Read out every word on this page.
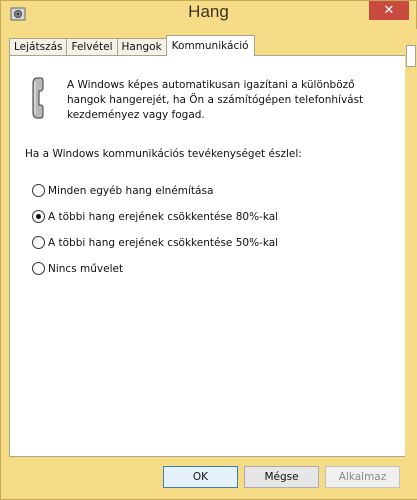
Hang	✕
Lejátszás Felvétel Hangok Kommunikáció
A Windows képes automatikusan igazítani a különböző hangok hangerejét, ha Ön a számítógépen telefonhívást kezdeményez vagy fogad.
Ha a Windows kommunikációs tevékenységet észlel:
Minden egyéb hang elnémítása
A többi hang erejének csökkentése 80%-kal
A többi hang erejének csökkentése 50%-kal
Nincs művelet
OK	Mégse	Alkalmaz
